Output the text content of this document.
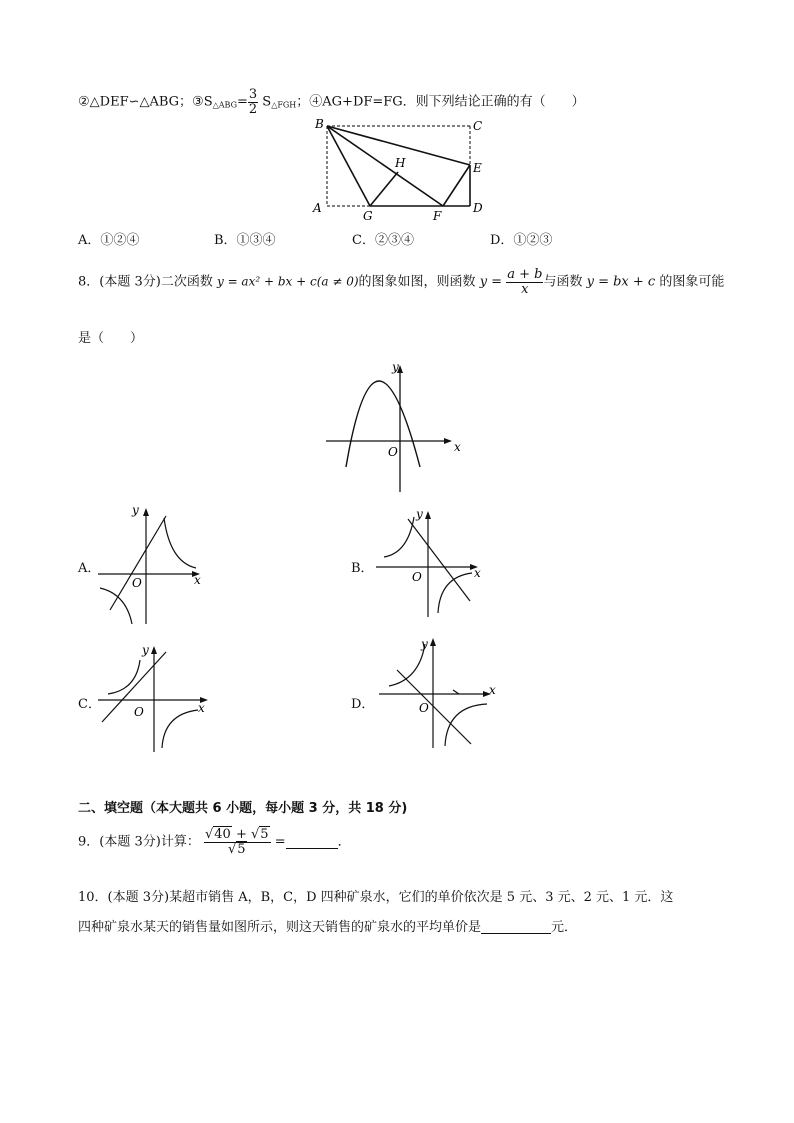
②△DEF∽△ABG；$③S_{\triangle ABG}= \frac{3}{2} S_{\triangle FGH}$；④AG+DF=FG．则下列结论正确的有（　　）
B	C
H	E
A
G	F
D
A．①②④	B．①③④	C．②③④	D．①②③
8．(本题 3分)二次函数 y = ax² + bx + c(a ≠ 0)的图象如图，则函数 $y = \frac{a + b}{x}$ 与函数 y = bx + c 的图象可能
是（　　）
x
y
O
A．
x
y
O
B．	x
y
O
C．	x
y
O	D．
x
y
O
二、填空题（本大题共 6 小题，每小题 3 分，共 18 分)
9．(本题 3分)计算： $\frac{√40 + √5}{√5}$ =	．
10．(本题 3分)某超市销售 A，B，C，D 四种矿泉水，它们的单价依次是 5 元、3 元、2 元、1 元．这
四种矿泉水某天的销售量如图所示，则这天销售的矿泉水的平均单价是	元．
